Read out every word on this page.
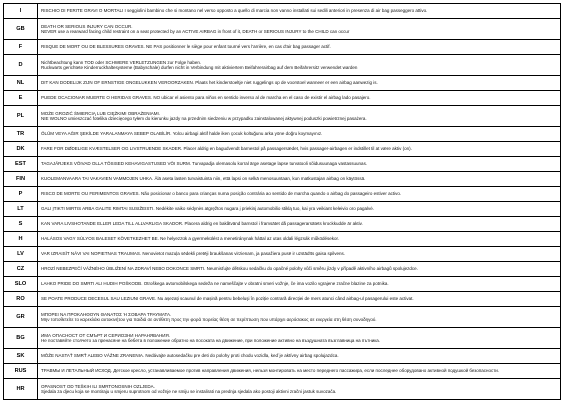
I	RISCHIO DI FERITE GRAVI O MORTALI I seggiolini bambino che si montano nel verso opposto a quello di marcia non vanno installati sui sedili anteriori in presenza di air bag passeggero attivo.

GB	DEATH OR SERIOUS INJURY CAN OCCUR.
NEVER use a rearward facing child restraint on a seat protected by an ACTIVE AIRBAG in front of it, DEATH or SERIOUS INJURY to the CHILD can occur

F	RISQUE DE MORT OU DE BLESSURES GRAVES. NE PAS positionner le siège pour enfant tourné vers l'arrière, en cas d'air bag passager actif.

D	Nichtbeachtung kann TOD oder SCHWERE VERLETZUNGEN zur Folge haben.
Ruckwarts gerichtete Kinderruckhaltesysteme (Babyschale) durfen nicht in Verbindung mit aktiviertem Beifahrerairbag auf dem Beifahrersitz verwendet warden

NL	DIT KAN DODELIJK ZIJN OF ERNSTIGE ONGELUKKEN VEROORZAKEN. Plaats het kinderstoeltje niet ruggelings op de voorstoel wanneer er een airbag aanwezig is.

E	PUEDE OCACIONAR MUERTE O HERIDAS GRAVES. NO ubicar el asiento para niños en sentido inverso al de marcha en el caso de existir el airbag lado pasajero.

PL	MOŻE GROZIĆ ŚMIERCIĄ LUB CIĘŻKIMI OBRAŻENIAMI.
NIE WOLNO umieszczać fotelika dziecięcego tyłem do kierunku jazdy na przednim siedzeniu w przypadku zainstalowanej aktywnej poduszki powietrznej pasażera.

TR	ÖLÜM VEYA AĞIR ŞEKİLDE YARALANMAYA SEBEP OLABİLİR. Yolcu airbagi aktif halde iken çocuk koltuğunu arka yöne doğru koymayınız.

DK	FARE FOR DØDELIGE KVÆSTELSER OG LIVSTRUENDE SKADER. Placer aldrig en bagudvendt barnestol på passagersædet, hvis passager-airbagen er indstillet til at være aktiv (on).

EST	TAGAJÄRJEKS VÕIVAD OLLA TÕSISED KEHAVIGASTUSED VÕI SURM. Turvapadja olemasolu korral ärge asetage lapse turvatooli sõidusuunaga vastassuunas.

FIN	KUOLEMANVAARA TAI VAKAVIEN VAMMOJEN UHKA. Älä aseta lasten turvaistuinta niin, että lapsi on selkä menosuuntaan, kun matkustajan airbag on käytössä.

P	RISCO DE MORTE OU FERIMENTOS GRAVES. Não posicionar o banco para crianças numa posição contrária ao sentido de marcha quando o airbag do passageiro estiver activo.

LT	GALI ĮTIKTI MIRTIS ARBA GALITE RIMTAI SUSIŽEISTI. Nedėkite vaiko sėdynės atgręžtos nugara į priekinį automobilio stiklą tuo, kai yra veikiant keleivio oro pagalvė.

S	KAN VARA LIVSHOTANDE ELLER LEDA TILL ALLVARLIGA SKADOR. Placera aldrig en bakåtvänd barnstol i framsätet då passagerarsätets krockkudde är aktiv.

H	HALÁSOS VAGY SÚLYOS BALESET KÖVETKEZHET BE. Ne helyezzük a gyermekülést a menetiránynak háttal az utas oldali légzsák működésekor.

LV	VAR IZRAISĪT NĀVI VAI NOPIETNAS TRAUMAS. Nenovietot mazuļa sēdekli pretēji braukšanas virzienam, ja pasažiera pusē ir uzstādīts gaisa spilvens.

CZ	HROZÍ NEBEZPEČÍ VÁŽNÉHO ÚBLIŽENÍ NA ZDRAVÍ NEBO DOKONCE SMRTI. Neumisťujte dětskou sedačku do opačné polohy vůči směru jízdy v případě aktivního airbagů spolujezdce.

SLO	LAHKO PRIDE DO SMRTI ALI HUDIH POŠKODB. Otroškega avtomobilskega sedeža ne nameščajte v obratni smeri vožnje, če ima vozilo vgrajene zračne blazine za potnika.

RO	SE POATE PRODUCE DECESUL SAU LEZIUNI GRAVE. Nu așezați scaunul de mașină pentru bebeluşi în poziție contrară direcției de mers atunci când airbag-ul pasagerului este activat.

GR	ΜΠΟΡΕΙ ΝΑ ΠΡΟΚΛΗΘΟΥΝ ΘΑΝΑΤΟΣ Ή ΣΟΒΑΡΑ ΤΡΑΥΜΑΤΑ.
Μην τοποθετείτε το καρεκλάκι αυτοκινήτου για παιδιά σε αντίθετη προς την φορά πορείας θέση σε περίπτωση που υπάρχει αερόσακος σε ενεργεία στη θέση συνοδηγού.

BG	ИМА ОПАСНОСТ ОТ СМЪРТ И СЕРИОЗНИ НАРАНЯВАНИЯ.
Не поставяйте столчето за пренасяне на бебета в положение обратно на посоката на движение, при положение активно на въздушната възглавница на пътника.

SK	MÔŽE NASTAŤ SMRŤ ALEBO VÁŽNE ZRANENIA. Nedávajte autosedačku pre deti do polohy proti chodu vozidla, keď je aktívny airbag spolujazdca.

RUS	ТРАВМЫ И ЛЕТАЛЬНЫЙ ИСХОД. Детское кресло, устанавливаемое против направления движения, нельзя монтировать на место переднего пассажира, если последнее оборудовано активной подушкой безопасности.

HR	OPASNOST OD TEŠKIH ILI SMRTONOSNIH OZLJEDA.
Sjedala za djecu koja se montiraju u smjeru suprotnom od vožnje ne smiju se instalirati na prednja sjedala ako postoji aktivni zračni jastuk suvozača.
